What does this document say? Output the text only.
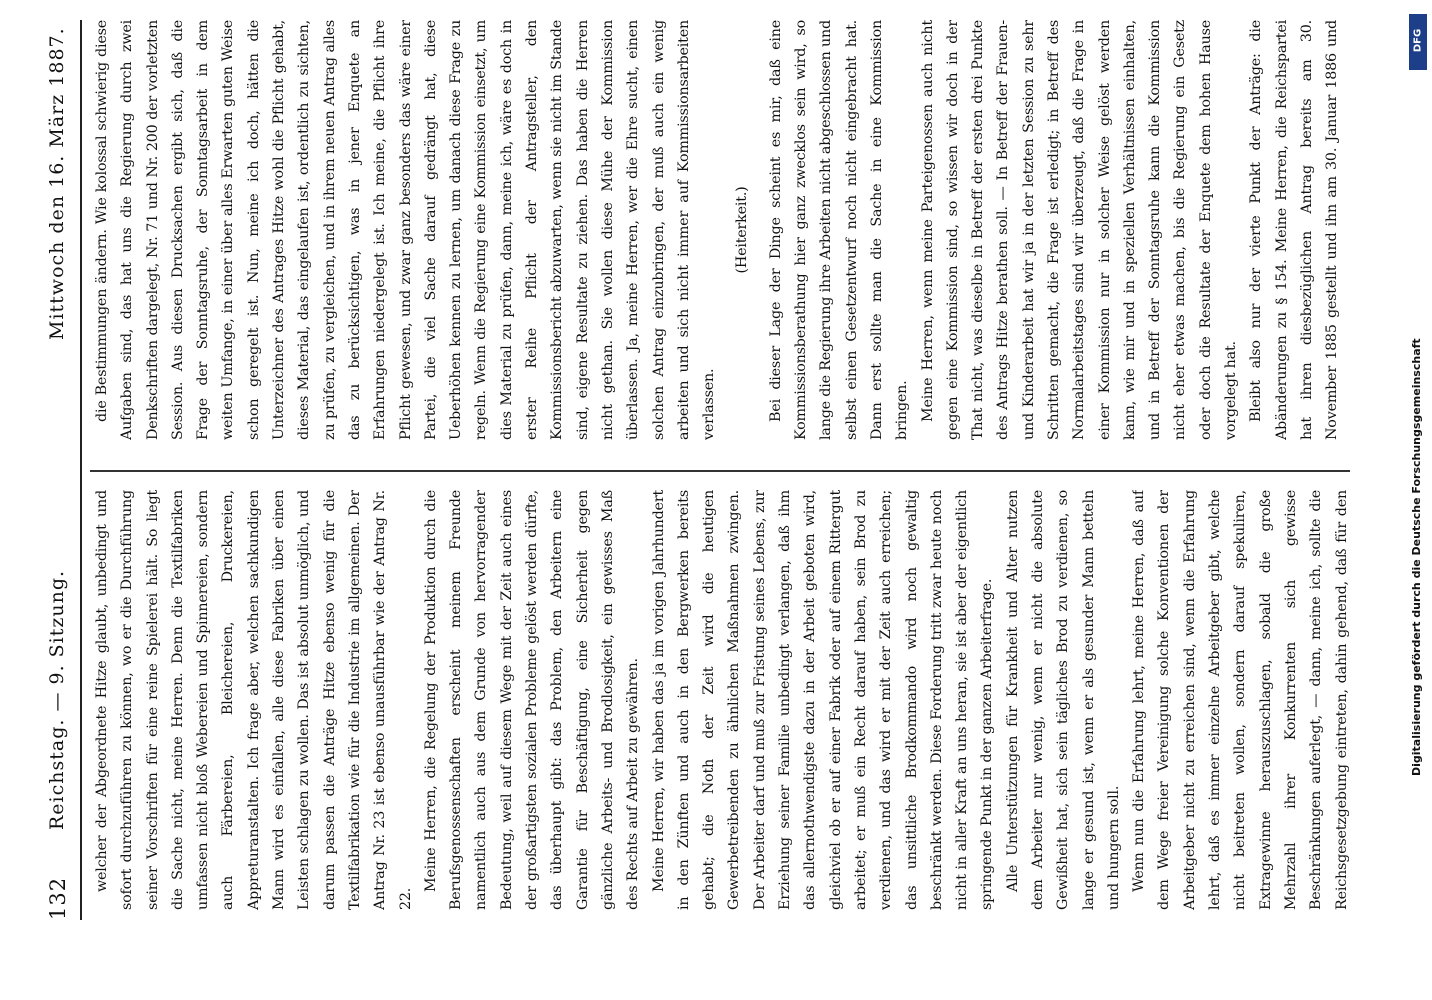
132
Reichstag. — 9. Sitzung.
Mittwoch den 16. März 1887.

welcher der Abgeordnete Hitze glaubt, unbedingt und sofort durchzuführen zu können, wo er die Durchführung seiner Vorschriften für eine reine Spielerei hält. So liegt die Sache nicht, meine Herren. Denn die Textilfabriken umfassen nicht bloß Webereien und Spinnereien, sondern auch Färbereien, Bleichereien, Druckereien, Appreturanstalten. Ich frage aber, welchen sachkundigen Mann wird es einfallen, alle diese Fabriken über einen Leisten schlagen zu wollen. Das ist absolut unmöglich, und darum passen die Anträge Hitze ebenso wenig für die Textilfabrikation wie für die Industrie im allgemeinen. Der Antrag Nr. 23 ist ebenso unausführbar wie der Antrag Nr. 22.

Meine Herren, die Regelung der Produktion durch die Berufsgenossenschaften erscheint meinem Freunde namentlich auch aus dem Grunde von hervorragender Bedeutung, weil auf diesem Wege mit der Zeit auch eines der großartigsten sozialen Probleme gelöst werden dürfte, das überhaupt gibt: das Problem, den Arbeitern eine Garantie für Beschäftigung, eine Sicherheit gegen gänzliche Arbeits- und Brodlosigkeit, ein gewisses Maß des Rechts auf Arbeit zu gewähren. Meine Herren, wir haben das ja im vorigen Jahrhundert in den Zünften und auch in den Bergwerken bereits gehabt; die Noth der Zeit wird die heutigen Gewerbetreibenden zu ähnlichen Maßnahmen zwingen. Der Arbeiter darf und muß zur Fristung seines Lebens, zur Erziehung seiner Familie unbedingt verlangen, daß ihm das allernothwendigste dazu in der Arbeit geboten wird, gleichviel ob er auf einer Fabrik oder auf einem Rittergut arbeitet; er muß ein Recht darauf haben, sein Brod zu verdienen, und das wird er mit der Zeit auch erreichen; das unsittliche Brodkommando wird noch gewaltig beschränkt werden. Diese Forderung tritt zwar heute noch nicht in aller Kraft an uns heran, sie ist aber der eigentlich springende Punkt in der ganzen Arbeiterfrage. Alle Unterstützungen für Krankheit und Alter nutzen dem Arbeiter nur wenig, wenn er nicht die absolute Gewißheit hat, sich sein tägliches Brod zu verdienen, so lange er gesund ist, wenn er als gesunder Mann betteln und hungern soll. Wenn nun die Erfahrung lehrt, meine Herren, daß auf dem Wege freier Vereinigung solche Konventionen der Arbeitgeber nicht zu erreichen sind, wenn die Erfahrung lehrt, daß es immer einzelne Arbeitgeber gibt, welche nicht beitreten wollen, sondern darauf spekuliren, Extragewinne herauszuschlagen, sobald die große Mehrzahl ihrer Konkurrenten sich gewisse Beschränkungen auferlegt, — dann, meine ich, sollte die Reichsgesetzgebung eintreten, dahin gehend, daß für den

die Bestimmungen ändern. Wie kolossal schwierig diese Aufgaben sind, das hat uns die Regierung durch zwei Denkschriften dargelegt, Nr. 71 und Nr. 200 der vorletzten Session. Aus diesen Drucksachen ergibt sich, daß die Frage der Sonntagsruhe, der Sonntagsarbeit in dem weiten Umfange, in einer über alles Erwarten guten Weise schon geregelt ist. Nun, meine ich doch, hätten die Unterzeichner des Antrages Hitze wohl die Pflicht gehabt, dieses Material, das eingelaufen ist, ordentlich zu sichten, zu prüfen, zu vergleichen, und in ihrem neuen Antrag alles das zu berücksichtigen, was in jener Enquete an Erfahrungen niedergelegt ist. Ich meine, die Pflicht ihre Pflicht gewesen, und zwar ganz besonders das wäre einer Partei, die viel Sache darauf gedrängt hat, diese Ueberhöhen kennen zu lernen, um danach diese Frage zu regeln. Wenn die Regierung eine Kommission einsetzt, um dies Material zu prüfen, dann, meine ich, wäre es doch in erster Reihe Pflicht der Antragsteller, den Kommissionsbericht abzuwarten, wenn sie nicht im Stande sind, eigene Resultate zu ziehen. Das haben die Herren nicht gethan. Sie wollen diese Mühe der Kommission überlassen. Ja, meine Herren, wer die Ehre sucht, einen solchen Antrag einzubringen, der muß auch ein wenig arbeiten und sich nicht immer auf Kommissionsarbeiten verlassen.

(Heiterkeit.)	Bei dieser Lage der Dinge scheint es mir, daß eine Kommissionsberathung hier ganz zwecklos sein wird, so lange die Regierung ihre Arbeiten nicht abgeschlossen und selbst einen Gesetzentwurf noch nicht eingebracht hat. Dann erst sollte man die Sache in eine Kommission bringen. Meine Herren, wenn meine Parteigenossen auch nicht gegen eine Kommission sind, so wissen wir doch in der That nicht, was dieselbe in Betreff der ersten drei Punkte des Antrags Hitze berathen soll. — In Betreff der Frauen- und Kinderarbeit hat wir ja in der letzten Session zu sehr Schritten gemacht, die Frage ist erledigt; in Betreff des Normalarbeitstages sind wir überzeugt, daß die Frage in einer Kommission nur in solcher Weise gelöst werden kann, wie mir und in speziellen Verhältnissen einhalten, und in Betreff der Sonntagsruhe kann die Kommission nicht eher etwas machen, bis die Regierung ein Gesetz oder doch die Resultate der Enquete dem hohen Hause vorgelegt hat. Bleibt also nur der vierte Punkt der Anträge: die Abänderungen zu § 154. Meine Herren, die Reichspartei hat ihren diesbezüglichen Antrag bereits am 30. November 1885 gestellt und ihn am 30. Januar 1886 und	DFG
Digitalisierung gefördert durch die Deutsche Forschungsgemeinschaft
